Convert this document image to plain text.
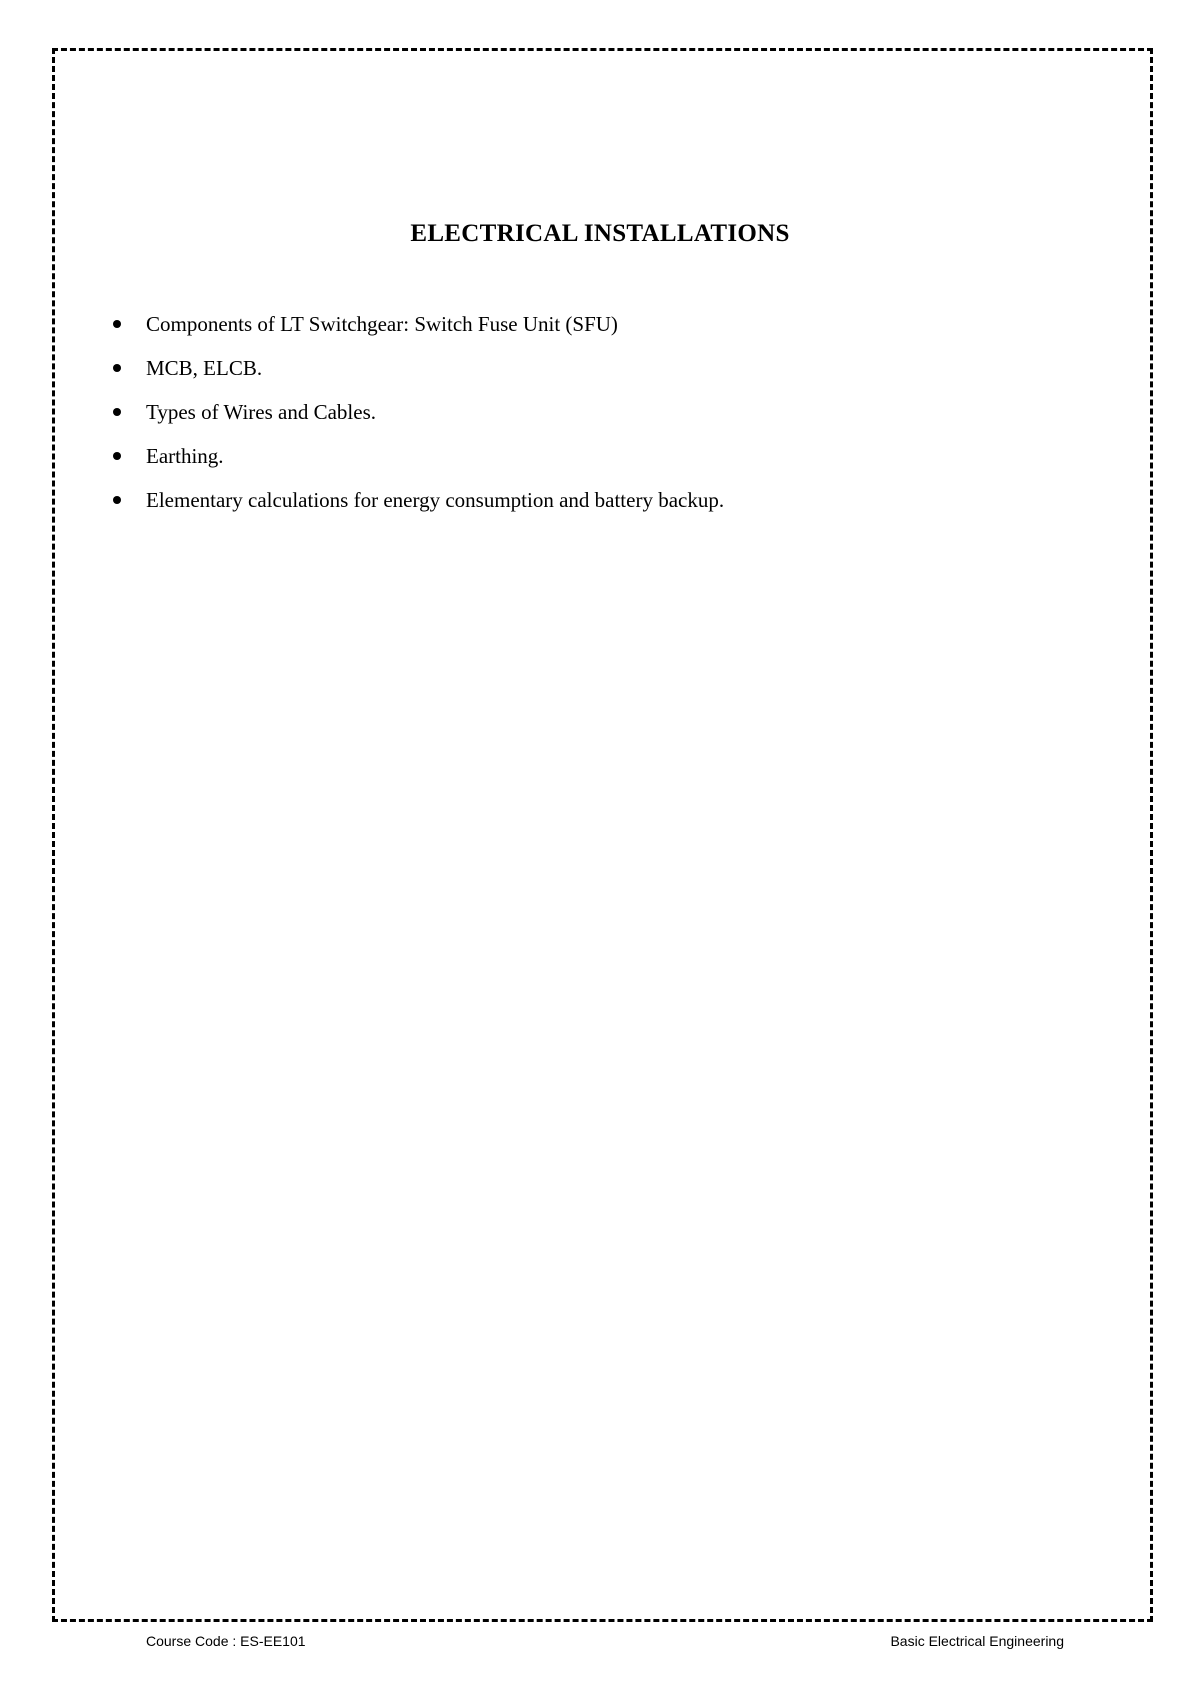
ELECTRICAL INSTALLATIONS
Components of LT Switchgear: Switch Fuse Unit (SFU)
MCB, ELCB.
Types of Wires and Cables.
Earthing.
Elementary calculations for energy consumption and battery backup.
Course Code : ES-EE101	Basic Electrical Engineering
